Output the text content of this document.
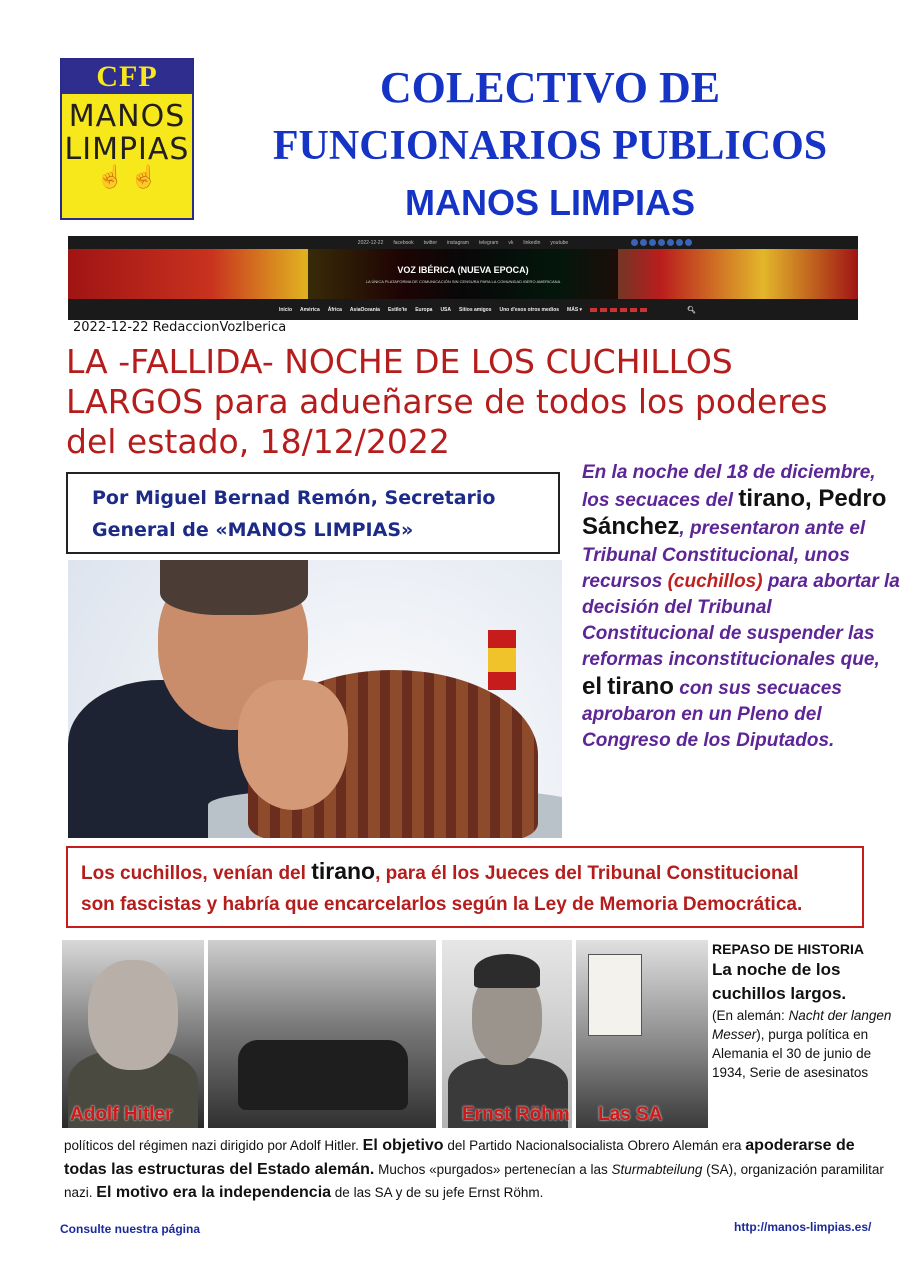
CFP
MANOS
LIMPIAS
☝ ☝
COLECTIVO DE
FUNCIONARIOS PUBLICOS
MANOS LIMPIAS
2022-12-22 facebook twitter instagram telegram vk linkedin youtube
VOZ IBÉRICA (NUEVA EPOCA)
LA ÚNICA PLATAFORMA DE COMUNICACIÓN SIN CENSURA PARA LA COMUNIDAD IBERO AMERICANA
Inicio América África AsiaOceanía Estilo'te Europa USA Sitios amigos Uno d'esos otros medios MÁS ▾	🔍︎
2022-12-22 RedaccionVozIberica
LA -FALLIDA- NOCHE DE LOS CUCHILLOS
LARGOS para adueñarse de todos los poderes
del estado, 18/12/2022
Por Miguel Bernad Remón, Secretario
General de «MANOS LIMPIAS»
En la noche del 18 de diciembre, los secuaces del tirano, Pedro Sánchez, presentaron ante el Tribunal Constitucional, unos recursos (cuchillos) para abortar la decisión del Tribunal Constitucional de suspender las reformas inconstitucionales que, el tirano con sus secuaces aprobaron en un Pleno del Congreso de los Diputados.
Los cuchillos, venían del tirano, para él los Jueces del Tribunal Constitucional
son fascistas y habría que encarcelarlos según la Ley de Memoria Democrática.
Adolf Hitler	Ernst Röhm Las SA
REPASO DE HISTORIA
La noche de los cuchillos largos.
(En alemán: Nacht der langen Messer), purga política en Alemania el 30 de junio de 1934, Serie de asesinatos
políticos del régimen nazi dirigido por Adolf Hitler. El objetivo del Partido Nacionalsocialista Obrero Alemán era apoderarse de todas las estructuras del Estado alemán. Muchos «purgados» pertenecían a las Sturmabteilung (SA), organización paramilitar nazi. El motivo era la independencia de las SA y de su jefe Ernst Röhm.
Consulte nuestra página	http://manos-limpias.es/
